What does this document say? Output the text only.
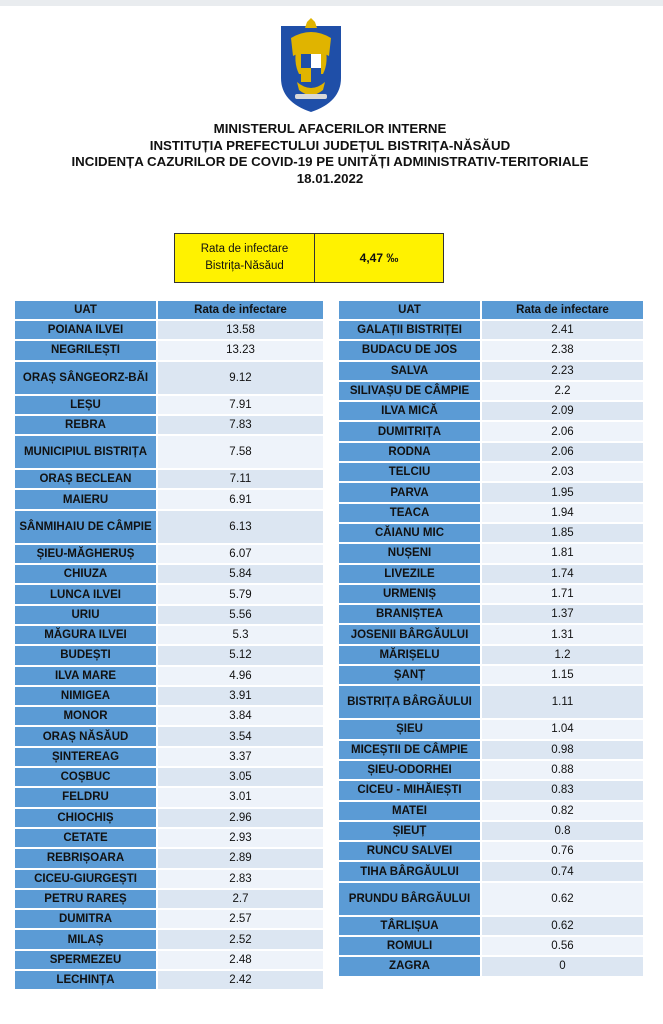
MINISTERUL AFACERILOR INTERNE
INSTITUȚIA PREFECTULUI JUDEȚUL BISTRIȚA-NĂSĂUD
INCIDENȚA CAZURILOR DE COVID-19 PE UNITĂȚI ADMINISTRATIV-TERITORIALE
18.01.2022
Rata de infectare
Bistrița-Năsăud
4,47 ‰
UAT	Rata de infectare
POIANA ILVEI	13.58
NEGRILEȘTI	13.23
ORAȘ SÂNGEORZ-BĂI	9.12
LEȘU	7.91
REBRA	7.83
MUNICIPIUL BISTRIȚA	7.58
ORAȘ BECLEAN	7.11
MAIERU	6.91
SÂNMIHAIU DE CÂMPIE	6.13
ȘIEU-MĂGHERUȘ	6.07
CHIUZA	5.84
LUNCA ILVEI	5.79
URIU	5.56
MĂGURA ILVEI	5.3
BUDEȘTI	5.12
ILVA MARE	4.96
NIMIGEA	3.91
MONOR	3.84
ORAȘ NĂSĂUD	3.54
ȘINTEREAG	3.37
COȘBUC	3.05
FELDRU	3.01
CHIOCHIȘ	2.96
CETATE	2.93
REBRIȘOARA	2.89
CICEU-GIURGEȘTI	2.83
PETRU RAREȘ	2.7
DUMITRA	2.57
MILAȘ	2.52
SPERMEZEU	2.48
LECHINȚA	2.42
UAT	Rata de infectare
GALAȚII BISTRIȚEI	2.41
BUDACU DE JOS	2.38
SALVA	2.23
SILIVAȘU DE CÂMPIE	2.2
ILVA MICĂ	2.09
DUMITRIȚA	2.06
RODNA	2.06
TELCIU	2.03
PARVA	1.95
TEACA	1.94
CĂIANU MIC	1.85
NUȘENI	1.81
LIVEZILE	1.74
URMENIȘ	1.71
BRANIȘTEA	1.37
JOSENII BÂRGĂULUI	1.31
MĂRIȘELU	1.2
ȘANȚ	1.15
BISTRIȚA BÂRGĂULUI	1.11
ȘIEU	1.04
MICEȘTII DE CÂMPIE	0.98
ȘIEU-ODORHEI	0.88
CICEU - MIHĂIEȘTI	0.83
MATEI	0.82
ȘIEUȚ	0.8
RUNCU SALVEI	0.76
TIHA BÂRGĂULUI	0.74
PRUNDU BÂRGĂULUI	0.62
TÂRLIȘUA	0.62
ROMULI	0.56
ZAGRA	0
